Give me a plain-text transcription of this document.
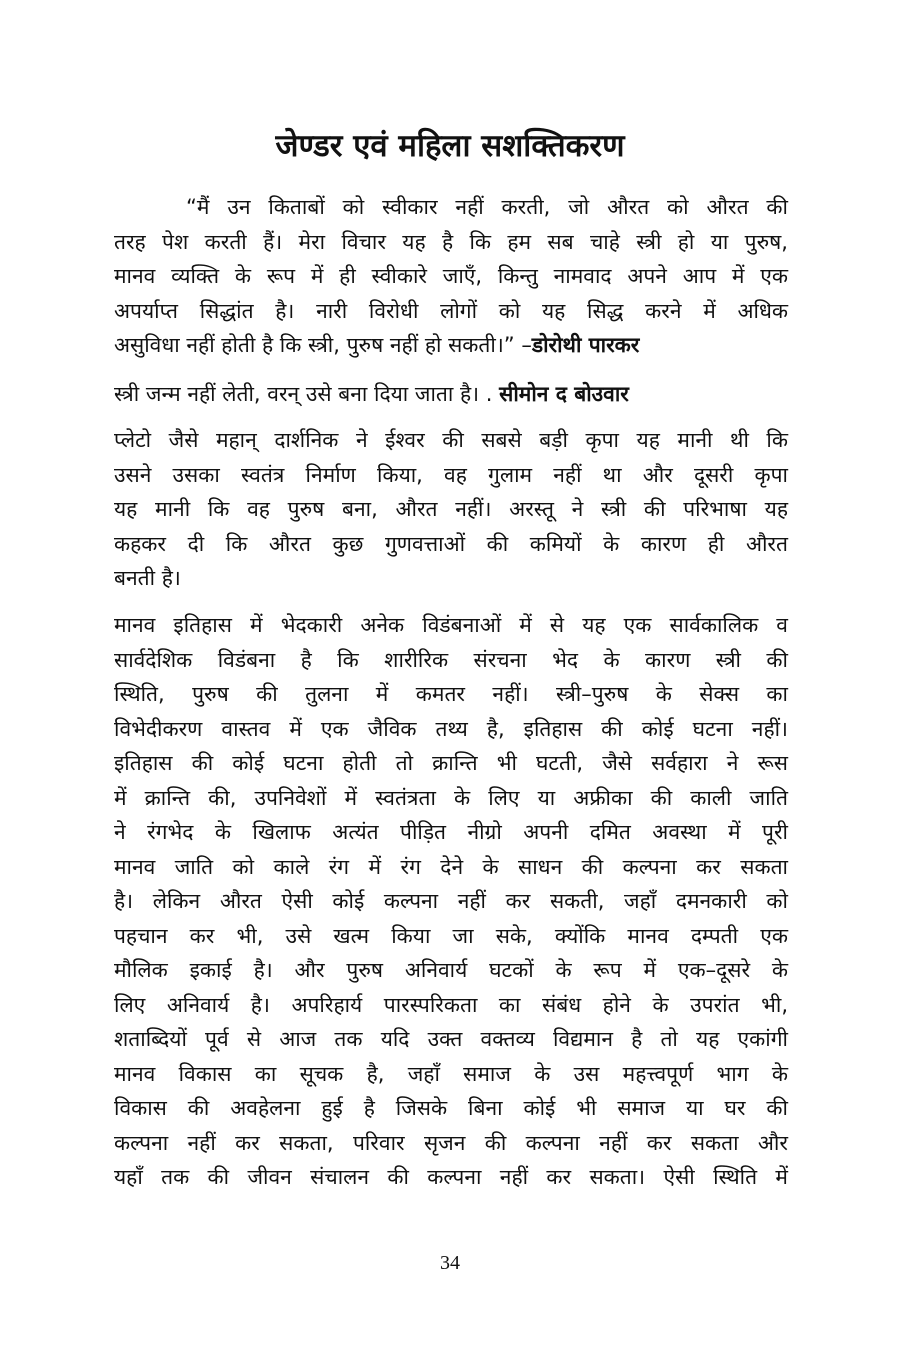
जेण्डर एवं महिला सशक्तिकरण
“मैं उन किताबों को स्वीकार नहीं करती, जो औरत को औरत की
तरह पेश करती हैं। मेरा विचार यह है कि हम सब चाहे स्त्री हो या पुरुष,
मानव व्यक्ति के रूप में ही स्वीकारे जाएँ, किन्तु नामवाद अपने आप में एक
अपर्याप्त सिद्धांत है। नारी विरोधी लोगों को यह सिद्ध करने में अधिक
असुविधा नहीं होती है कि स्त्री, पुरुष नहीं हो सकती।” –डोरोथी पारकर
स्त्री जन्म नहीं लेती, वरन् उसे बना दिया जाता है। . सीमोन द बोउवार
प्लेटो जैसे महान् दार्शनिक ने ईश्वर की सबसे बड़ी कृपा यह मानी थी कि
उसने उसका स्वतंत्र निर्माण किया, वह गुलाम नहीं था और दूसरी कृपा
यह मानी कि वह पुरुष बना, औरत नहीं। अरस्तू ने स्त्री की परिभाषा यह
कहकर दी कि औरत कुछ गुणवत्ताओं की कमियों के कारण ही औरत
बनती है।
मानव इतिहास में भेदकारी अनेक विडंबनाओं में से यह एक सार्वकालिक व
सार्वदेशिक विडंबना है कि शारीरिक संरचना भेद के कारण स्त्री की
स्थिति, पुरुष की तुलना में कमतर नहीं। स्त्री–पुरुष के सेक्स का
विभेदीकरण वास्तव में एक जैविक तथ्य है, इतिहास की कोई घटना नहीं।
इतिहास की कोई घटना होती तो क्रान्ति भी घटती, जैसे सर्वहारा ने रूस
में क्रान्ति की, उपनिवेशों में स्वतंत्रता के लिए या अफ्रीका की काली जाति
ने रंगभेद के खिलाफ अत्यंत पीड़ित नीग्रो अपनी दमित अवस्था में पूरी
मानव जाति को काले रंग में रंग देने के साधन की कल्पना कर सकता
है। लेकिन औरत ऐसी कोई कल्पना नहीं कर सकती, जहाँ दमनकारी को
पहचान कर भी, उसे खत्म किया जा सके, क्योंकि मानव दम्पती एक
मौलिक इकाई है। और पुरुष अनिवार्य घटकों के रूप में एक–दूसरे के
लिए अनिवार्य है। अपरिहार्य पारस्परिकता का संबंध होने के उपरांत भी,
शताब्दियों पूर्व से आज तक यदि उक्त वक्तव्य विद्यमान है तो यह एकांगी
मानव विकास का सूचक है, जहाँ समाज के उस महत्त्वपूर्ण भाग के
विकास की अवहेलना हुई है जिसके बिना कोई भी समाज या घर की
कल्पना नहीं कर सकता, परिवार सृजन की कल्पना नहीं कर सकता और
यहाँ तक की जीवन संचालन की कल्पना नहीं कर सकता। ऐसी स्थिति में
34
